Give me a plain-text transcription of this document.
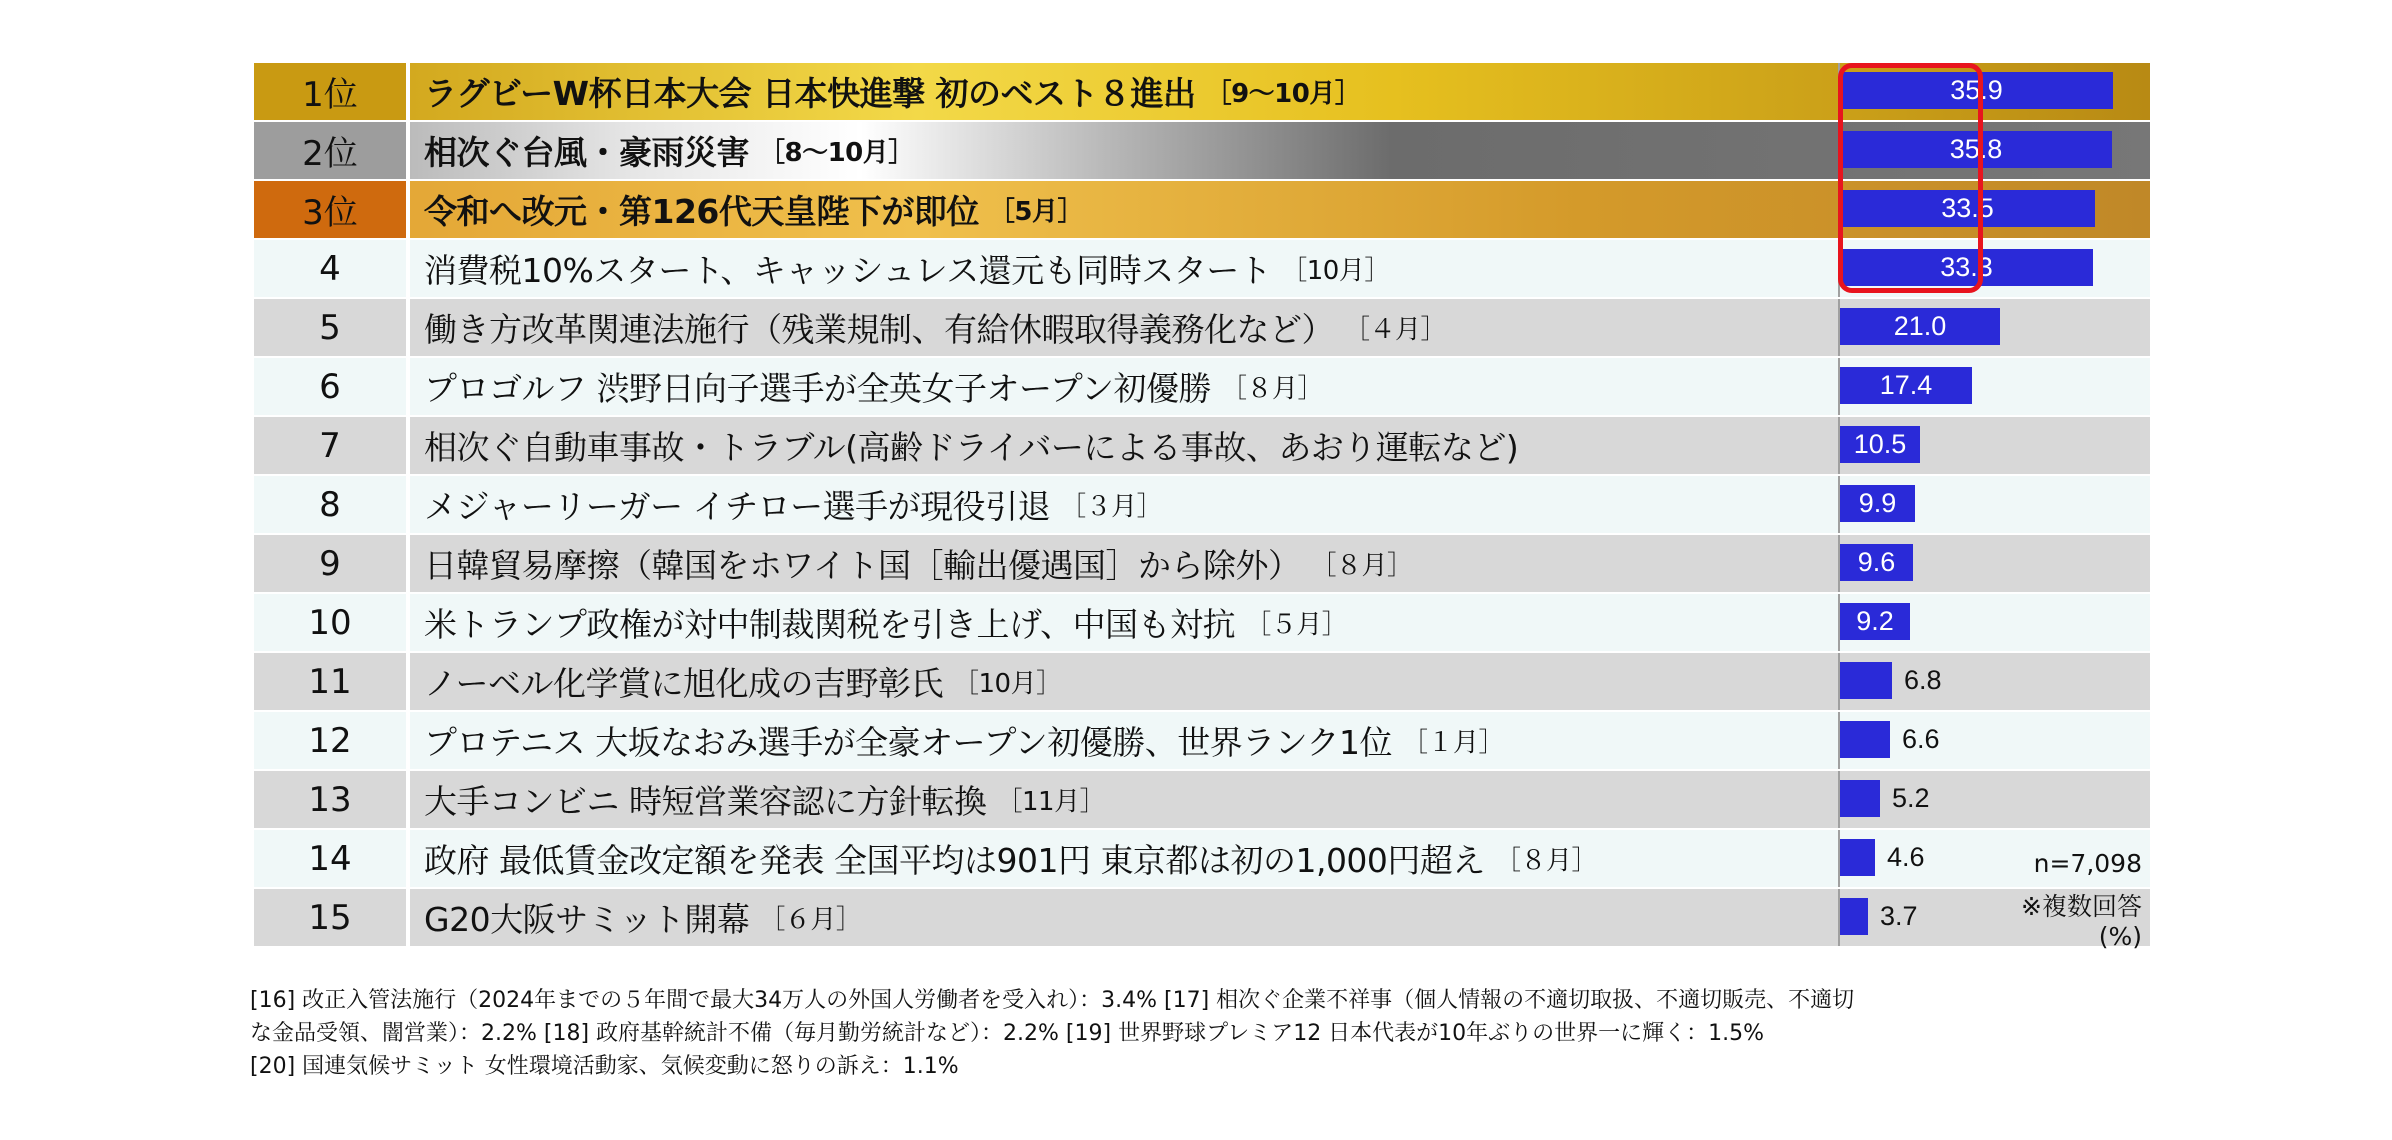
1位	ラグビーW杯日本大会 日本快進撃 初のベスト８進出 ［9～10月］	35.9
2位	相次ぐ台風・豪雨災害 ［8～10月］	35.8
3位	令和へ改元・第126代天皇陛下が即位 ［5月］	33.5
4	消費税10%スタート、キャッシュレス還元も同時スタート ［10月］	33.3
5	働き方改革関連法施行（残業規制、有給休暇取得義務化など） ［４月］	21.0
6	プロゴルフ 渋野日向子選手が全英女子オープン初優勝 ［８月］	17.4
7	相次ぐ自動車事故・トラブル(高齢ドライバーによる事故、あおり運転など)	10.5
8	メジャーリーガー イチロー選手が現役引退 ［３月］	9.9
9	日韓貿易摩擦（韓国をホワイト国［輸出優遇国］から除外） ［８月］	9.6
10	米トランプ政権が対中制裁関税を引き上げ、中国も対抗 ［５月］	9.2
11	ノーベル化学賞に旭化成の吉野彰氏 ［10月］	6.8
12	プロテニス 大坂なおみ選手が全豪オープン初優勝、世界ランク1位 ［１月］	6.6
13	大手コンビニ 時短営業容認に方針転換 ［11月］	5.2
14	政府 最低賃金改定額を発表 全国平均は901円 東京都は初の1,000円超え ［８月］	4.6
15	G20大阪サミット開幕 ［６月］	3.7
n=7,098
※複数回答
(%)
[16] 改正入管法施行（2024年までの５年間で最大34万人の外国人労働者を受入れ）：3.4% [17] 相次ぐ企業不祥事（個人情報の不適切取扱、不適切販売、不適切
な金品受領、闇営業）：2.2% [18] 政府基幹統計不備（毎月勤労統計など）：2.2% [19] 世界野球プレミア12 日本代表が10年ぶりの世界一に輝く：1.5%
[20] 国連気候サミット 女性環境活動家、気候変動に怒りの訴え：1.1%
